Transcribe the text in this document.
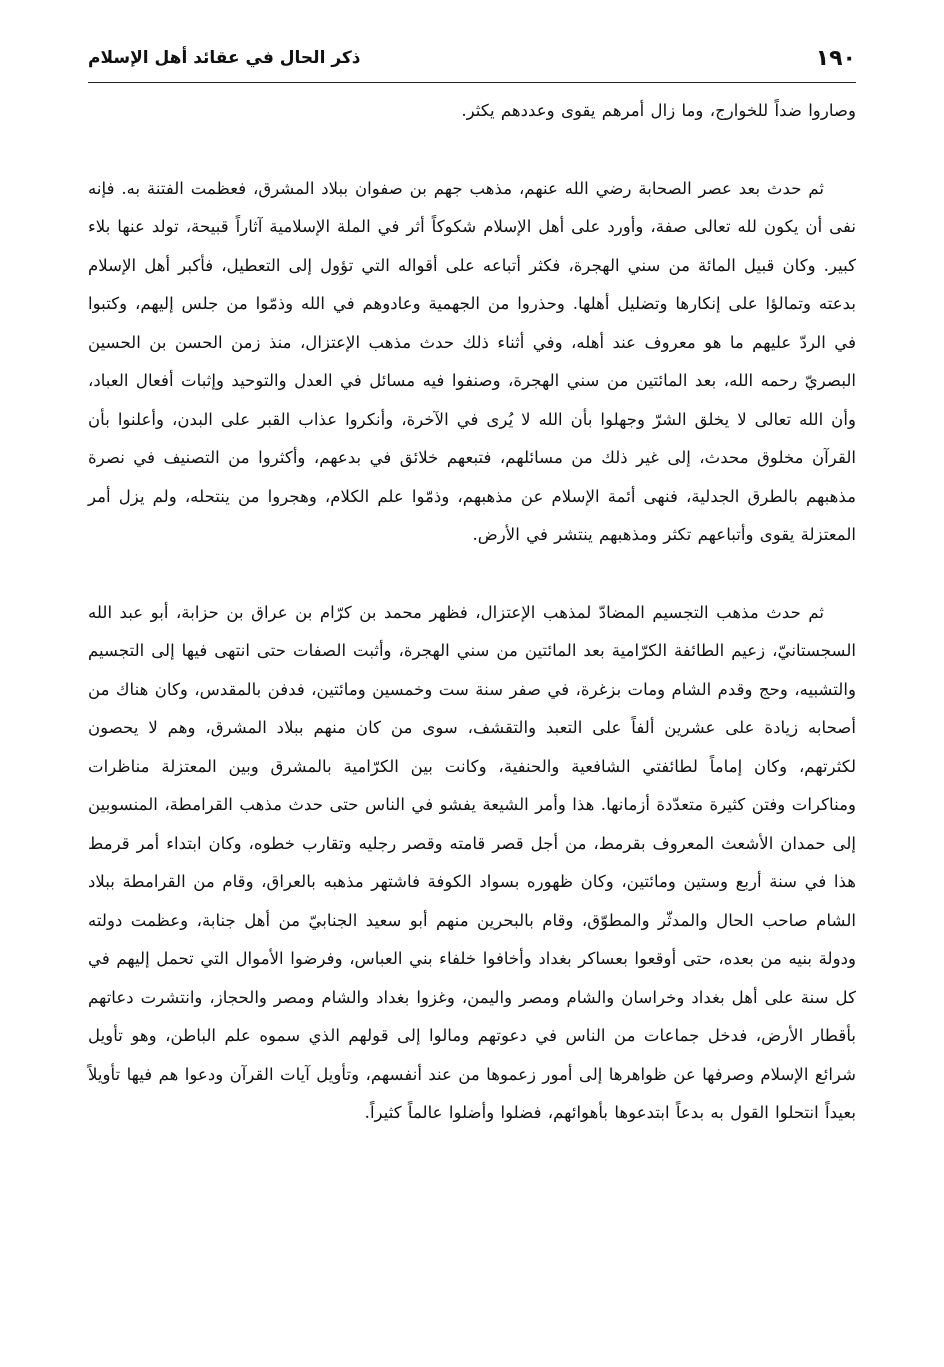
١٩٠
ذكر الحال في عقائد أهل الإسلام

وصاروا ضداً للخوارج، وما زال أمرهم يقوى وعددهم يكثر.

ثم حدث بعد عصر الصحابة رضي الله عنهم، مذهب جهم بن صفوان ببلاد المشرق، فعظمت الفتنة به. فإنه نفى أن يكون لله تعالى صفة، وأورد على أهل الإسلام شكوكاً أثر في الملة الإسلامية آثاراً قبيحة، تولد عنها بلاء كبير. وكان قبيل المائة من سني الهجرة، فكثر أتباعه على أقواله التي تؤول إلى التعطيل، فأكبر أهل الإسلام بدعته وتمالؤا على إنكارها وتضليل أهلها. وحذروا من الجهمية وعادوهم في الله وذمّوا من جلس إليهم، وكتبوا في الردّ عليهم ما هو معروف عند أهله، وفي أثناء ذلك حدث مذهب الإعتزال، منذ زمن الحسن بن الحسين البصريّ رحمه الله، بعد المائتين من سني الهجرة، وصنفوا فيه مسائل في العدل والتوحيد وإثبات أفعال العباد، وأن الله تعالى لا يخلق الشرّ وجهلوا بأن الله لا يُرى في الآخرة، وأنكروا عذاب القبر على البدن، وأعلنوا بأن القرآن مخلوق محدث، إلى غير ذلك من مسائلهم، فتبعهم خلائق في بدعهم، وأكثروا من التصنيف في نصرة مذهبهم بالطرق الجدلية، فنهى أئمة الإسلام عن مذهبهم، وذمّوا علم الكلام، وهجروا من ينتحله، ولم يزل أمر المعتزلة يقوى وأتباعهم تكثر ومذهبهم ينتشر في الأرض.

ثم حدث مذهب التجسيم المضادّ لمذهب الإعتزال، فظهر محمد بن كرّام بن عراق بن حزابة، أبو عبد الله السجستانيّ، زعيم الطائفة الكرّامية بعد المائتين من سني الهجرة، وأثبت الصفات حتى انتهى فيها إلى التجسيم والتشبيه، وحج وقدم الشام ومات بزغرة، في صفر سنة ست وخمسين ومائتين، فدفن بالمقدس، وكان هناك من أصحابه زيادة على عشرين ألفاً على التعبد والتقشف، سوى من كان منهم ببلاد المشرق، وهم لا يحصون لكثرتهم، وكان إماماً لطائفتي الشافعية والحنفية، وكانت بين الكرّامية بالمشرق وبين المعتزلة مناظرات ومناكرات وفتن كثيرة متعدّدة أزمانها. هذا وأمر الشيعة يفشو في الناس حتى حدث مذهب القرامطة، المنسوبين إلى حمدان الأشعث المعروف بقرمط، من أجل قصر قامته وقصر رجليه وتقارب خطوه، وكان ابتداء أمر قرمط هذا في سنة أربع وستين ومائتين، وكان ظهوره بسواد الكوفة فاشتهر مذهبه بالعراق، وقام من القرامطة ببلاد الشام صاحب الحال والمدثّر والمطوّق، وقام بالبحرين منهم أبو سعيد الجنابيّ من أهل جنابة، وعظمت دولته ودولة بنيه من بعده، حتى أوقعوا بعساكر بغداد وأخافوا خلفاء بني العباس، وفرضوا الأموال التي تحمل إليهم في كل سنة على أهل بغداد وخراسان والشام ومصر واليمن، وغزوا بغداد والشام ومصر والحجاز، وانتشرت دعاتهم بأقطار الأرض، فدخل جماعات من الناس في دعوتهم ومالوا إلى قولهم الذي سموه علم الباطن، وهو تأويل شرائع الإسلام وصرفها عن ظواهرها إلى أمور زعموها من عند أنفسهم، وتأويل آيات القرآن ودعوا هم فيها تأويلاً بعيداً انتحلوا القول به بدعاً ابتدعوها بأهوائهم، فضلوا وأضلوا عالماً كثيراً.
